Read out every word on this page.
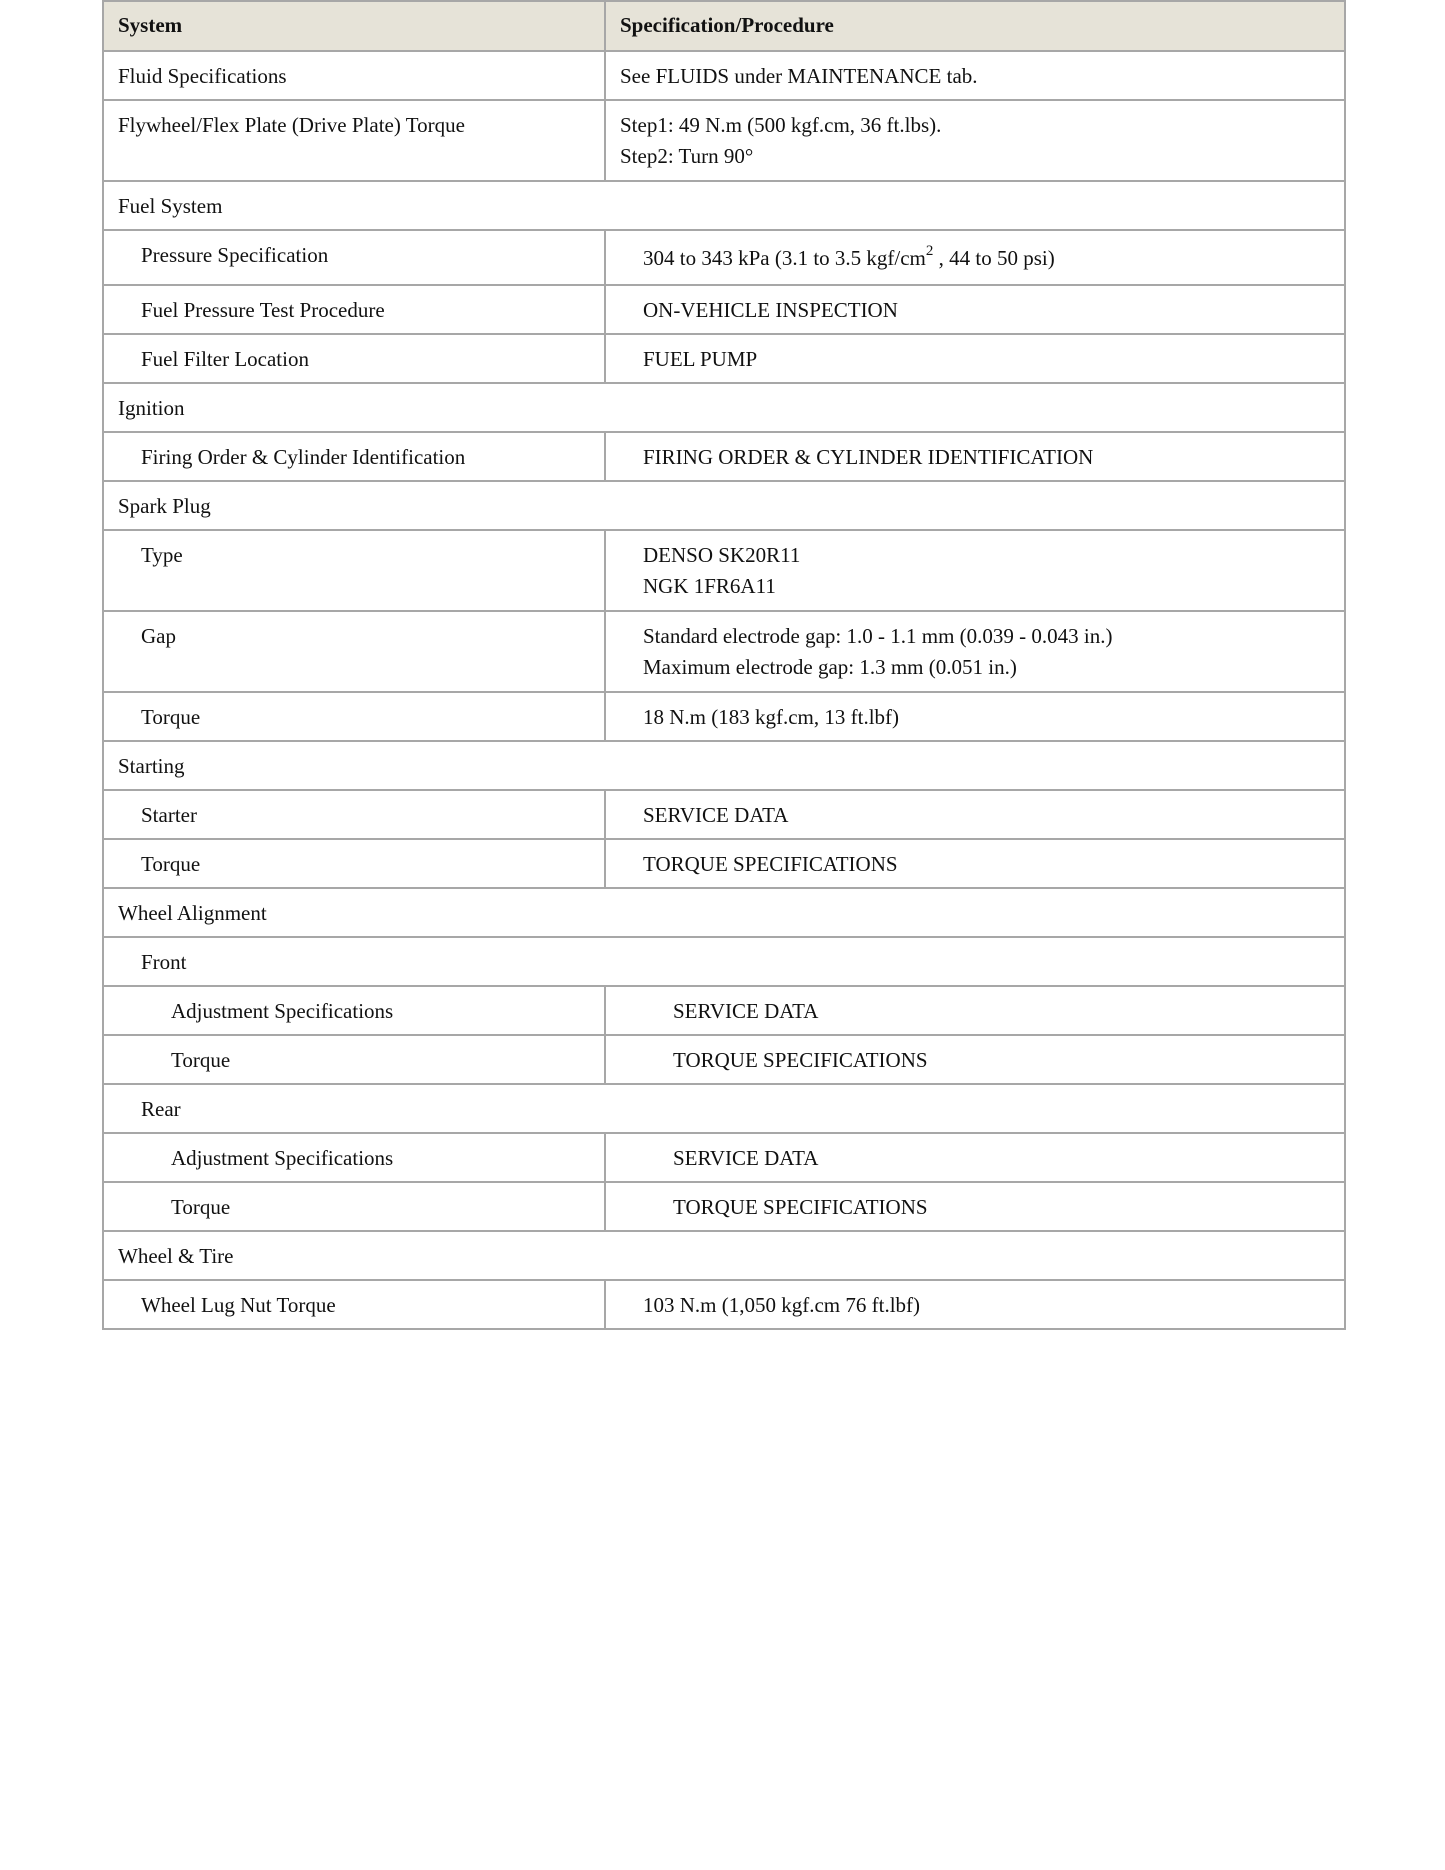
System	Specification/Procedure
Fluid Specifications	See FLUIDS under MAINTENANCE tab.
Flywheel/Flex Plate (Drive Plate) Torque	Step1: 49 N.m (500 kgf.cm, 36 ft.lbs).
Step2: Turn 90°

Fuel System	
Pressure Specification	304 to 343 kPa (3.1 to 3.5 kgf/$cm^2$ , 44 to 50 psi)
Fuel Pressure Test Procedure	ON-VEHICLE INSPECTION
Fuel Filter Location	FUEL PUMP
Ignition	
Firing Order & Cylinder Identification	FIRING ORDER & CYLINDER IDENTIFICATION
Spark Plug	
Type	DENSO SK20R11
NGK 1FR6A11

Gap	Standard electrode gap: 1.0 - 1.1 mm (0.039 - 0.043 in.)
Maximum electrode gap: 1.3 mm (0.051 in.)

Torque	18 N.m (183 kgf.cm, 13 ft.lbf)
Starting	
Starter	SERVICE DATA
Torque	TORQUE SPECIFICATIONS
Wheel Alignment	
Front	
Adjustment Specifications	SERVICE DATA
Torque	TORQUE SPECIFICATIONS
Rear	
Adjustment Specifications	SERVICE DATA
Torque	TORQUE SPECIFICATIONS
Wheel & Tire	
Wheel Lug Nut Torque	103 N.m (1,050 kgf.cm 76 ft.lbf)
